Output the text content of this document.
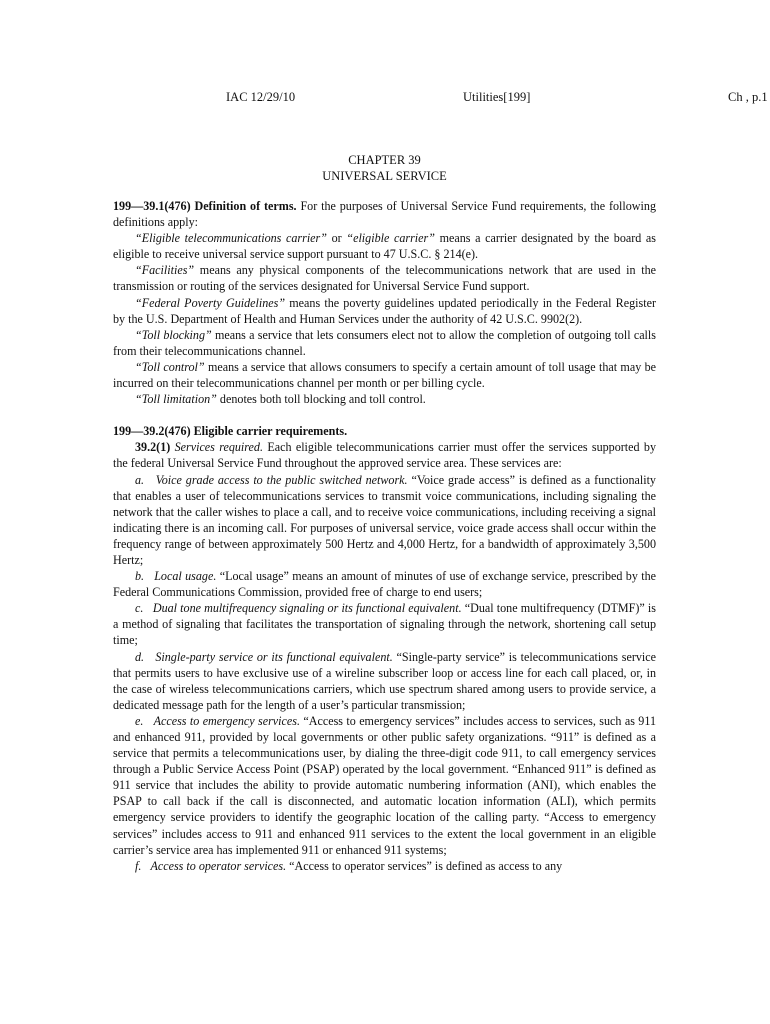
IAC 12/29/10	Utilities[199]	Ch , p.1
CHAPTER 39
UNIVERSAL SERVICE

199—39.1(476) Definition of terms. For the purposes of Universal Service Fund requirements, the following definitions apply:

“Eligible telecommunications carrier” or “eligible carrier” means a carrier designated by the board as eligible to receive universal service support pursuant to 47 U.S.C. § 214(e).

“Facilities” means any physical components of the telecommunications network that are used in the transmission or routing of the services designated for Universal Service Fund support.

“Federal Poverty Guidelines” means the poverty guidelines updated periodically in the Federal Register by the U.S. Department of Health and Human Services under the authority of 42 U.S.C. 9902(2).

“Toll blocking” means a service that lets consumers elect not to allow the completion of outgoing toll calls from their telecommunications channel.

“Toll control” means a service that allows consumers to specify a certain amount of toll usage that may be incurred on their telecommunications channel per month or per billing cycle.

“Toll limitation” denotes both toll blocking and toll control.

199—39.2(476) Eligible carrier requirements.

39.2(1) Services required. Each eligible telecommunications carrier must offer the services supported by the federal Universal Service Fund throughout the approved service area. These services are:

a. Voice grade access to the public switched network. “Voice grade access” is defined as a functionality that enables a user of telecommunications services to transmit voice communications, including signaling the network that the caller wishes to place a call, and to receive voice communications, including receiving a signal indicating there is an incoming call. For purposes of universal service, voice grade access shall occur within the frequency range of between approximately 500 Hertz and 4,000 Hertz, for a bandwidth of approximately 3,500 Hertz;

b. Local usage. “Local usage” means an amount of minutes of use of exchange service, prescribed by the Federal Communications Commission, provided free of charge to end users;

c. Dual tone multifrequency signaling or its functional equivalent. “Dual tone multifrequency (DTMF)” is a method of signaling that facilitates the transportation of signaling through the network, shortening call setup time;

d. Single-party service or its functional equivalent. “Single-party service” is telecommunications service that permits users to have exclusive use of a wireline subscriber loop or access line for each call placed, or, in the case of wireless telecommunications carriers, which use spectrum shared among users to provide service, a dedicated message path for the length of a user’s particular transmission;

e. Access to emergency services. “Access to emergency services” includes access to services, such as 911 and enhanced 911, provided by local governments or other public safety organizations. “911” is defined as a service that permits a telecommunications user, by dialing the three-digit code 911, to call emergency services through a Public Service Access Point (PSAP) operated by the local government. “Enhanced 911” is defined as 911 service that includes the ability to provide automatic numbering information (ANI), which enables the PSAP to call back if the call is disconnected, and automatic location information (ALI), which permits emergency service providers to identify the geographic location of the calling party. “Access to emergency services” includes access to 911 and enhanced 911 services to the extent the local government in an eligible carrier’s service area has implemented 911 or enhanced 911 systems;

f. Access to operator services. “Access to operator services” is defined as access to any
